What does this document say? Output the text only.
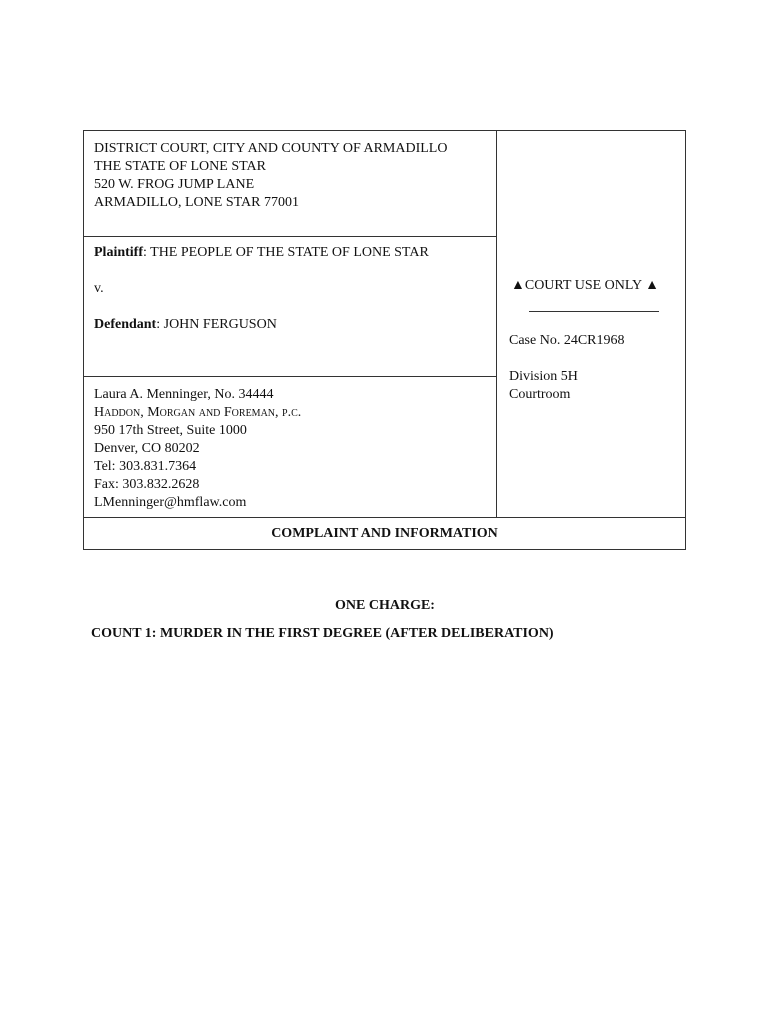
DISTRICT COURT, CITY AND COUNTY OF ARMADILLO
THE STATE OF LONE STAR
520 W. FROG JUMP LANE
ARMADILLO, LONE STAR 77001
Plaintiff: THE PEOPLE OF THE STATE OF LONE STAR
v.
Defendant: JOHN FERGUSON
Laura A. Menninger, No. 34444
Haddon, Morgan and Foreman, p.c.
950 17th Street, Suite 1000
Denver, CO 80202
Tel: 303.831.7364
Fax: 303.832.2628
LMenninger@hmflaw.com
▲COURT USE ONLY ▲
Case No. 24CR1968
Division 5H
Courtroom
COMPLAINT AND INFORMATION
ONE CHARGE:
COUNT 1: MURDER IN THE FIRST DEGREE (AFTER DELIBERATION)
